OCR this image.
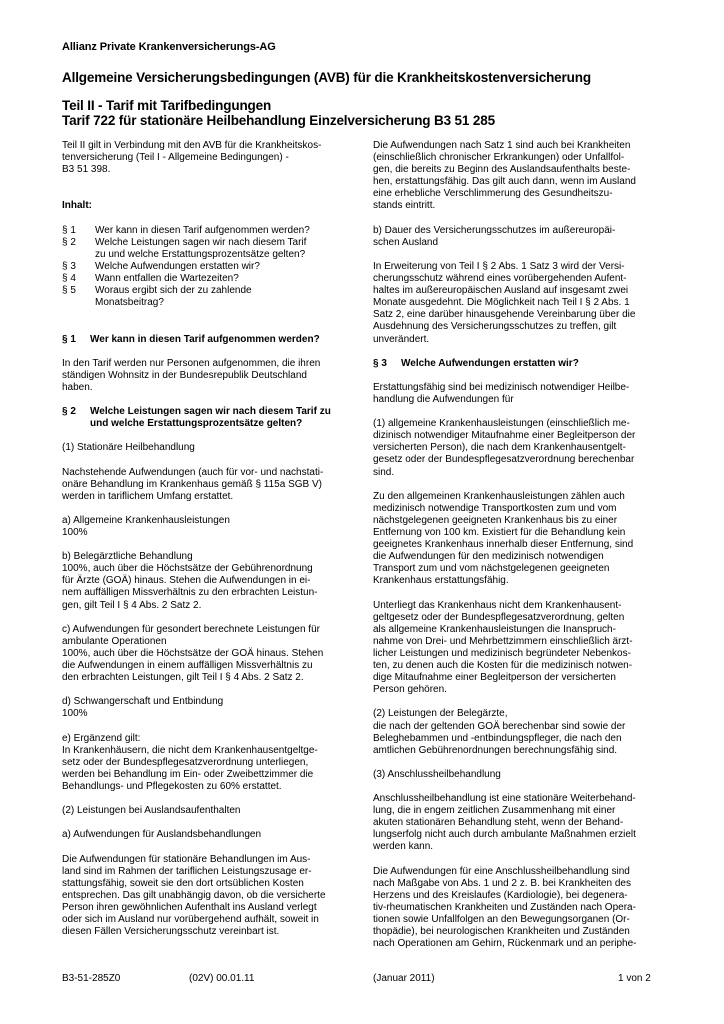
Allianz Private Krankenversicherungs-AG
Allgemeine Versicherungsbedingungen (AVB) für die Krankheitskostenversicherung
Teil II - Tarif mit Tarifbedingungen
Tarif 722 für stationäre Heilbehandlung Einzelversicherung B3 51 285
Teil II gilt in Verbindung mit den AVB für die Krankheitskos-
tenversicherung (Teil I - Allgemeine Bedingungen) -
B3 51 398.
Inhalt:
§ 1 Wer kann in diesen Tarif aufgenommen werden?
§ 2 Welche Leistungen sagen wir nach diesem Tarif
zu und welche Erstattungsprozentsätze gelten?
§ 3 Welche Aufwendungen erstatten wir?
§ 4 Wann entfallen die Wartezeiten?
§ 5 Woraus ergibt sich der zu zahlende
Monatsbeitrag?
§ 1 Wer kann in diesen Tarif aufgenommen werden?
In den Tarif werden nur Personen aufgenommen, die ihren
ständigen Wohnsitz in der Bundesrepublik Deutschland
haben.
§ 2 Welche Leistungen sagen wir nach diesem Tarif zu
und welche Erstattungsprozentsätze gelten?
(1) Stationäre Heilbehandlung
Nachstehende Aufwendungen (auch für vor- und nachstati-
onäre Behandlung im Krankenhaus gemäß § 115a SGB V)
werden in tariflichem Umfang erstattet.
a) Allgemeine Krankenhausleistungen
100%
b) Belegärztliche Behandlung
100%, auch über die Höchstsätze der Gebührenordnung
für Ärzte (GOÄ) hinaus. Stehen die Aufwendungen in ei-
nem auffälligen Missverhältnis zu den erbrachten Leistun-
gen, gilt Teil I § 4 Abs. 2 Satz 2.
c) Aufwendungen für gesondert berechnete Leistungen für
ambulante Operationen
100%, auch über die Höchstsätze der GOÄ hinaus. Stehen
die Aufwendungen in einem auffälligen Missverhältnis zu
den erbrachten Leistungen, gilt Teil I § 4 Abs. 2 Satz 2.
d) Schwangerschaft und Entbindung
100%
e) Ergänzend gilt:
In Krankenhäusern, die nicht dem Krankenhausentgeltge-
setz oder der Bundespflegesatzverordnung unterliegen,
werden bei Behandlung im Ein- oder Zweibettzimmer die
Behandlungs- und Pflegekosten zu 60% erstattet.
(2) Leistungen bei Auslandsaufenthalten
a) Aufwendungen für Auslandsbehandlungen
Die Aufwendungen für stationäre Behandlungen im Aus-
land sind im Rahmen der tariflichen Leistungszusage er-
stattungsfähig, soweit sie den dort ortsüblichen Kosten
entsprechen. Das gilt unabhängig davon, ob die versicherte
Person ihren gewöhnlichen Aufenthalt ins Ausland verlegt
oder sich im Ausland nur vorübergehend aufhält, soweit in
diesen Fällen Versicherungsschutz vereinbart ist.
Die Aufwendungen nach Satz 1 sind auch bei Krankheiten
(einschließlich chronischer Erkrankungen) oder Unfallfol-
gen, die bereits zu Beginn des Auslandsaufenthalts beste-
hen, erstattungsfähig. Das gilt auch dann, wenn im Ausland
eine erhebliche Verschlimmerung des Gesundheitszu-
stands eintritt.
b) Dauer des Versicherungsschutzes im außereuropäi-
schen Ausland
In Erweiterung von Teil I § 2 Abs. 1 Satz 3 wird der Versi-
cherungsschutz während eines vorübergehenden Aufent-
haltes im außereuropäischen Ausland auf insgesamt zwei
Monate ausgedehnt. Die Möglichkeit nach Teil I § 2 Abs. 1
Satz 2, eine darüber hinausgehende Vereinbarung über die
Ausdehnung des Versicherungsschutzes zu treffen, gilt
unverändert.
§ 3 Welche Aufwendungen erstatten wir?
Erstattungsfähig sind bei medizinisch notwendiger Heilbe-
handlung die Aufwendungen für
(1) allgemeine Krankenhausleistungen (einschließlich me-
dizinisch notwendiger Mitaufnahme einer Begleitperson der
versicherten Person), die nach dem Krankenhausentgelt-
gesetz oder der Bundespflegesatzverordnung berechenbar
sind.
Zu den allgemeinen Krankenhausleistungen zählen auch
medizinisch notwendige Transportkosten zum und vom
nächstgelegenen geeigneten Krankenhaus bis zu einer
Entfernung von 100 km. Existiert für die Behandlung kein
geeignetes Krankenhaus innerhalb dieser Entfernung, sind
die Aufwendungen für den medizinisch notwendigen
Transport zum und vom nächstgelegenen geeigneten
Krankenhaus erstattungsfähig.
Unterliegt das Krankenhaus nicht dem Krankenhausent-
geltgesetz oder der Bundespflegesatzverordnung, gelten
als allgemeine Krankenhausleistungen die Inanspruch-
nahme von Drei- und Mehrbettzimmern einschließlich ärzt-
licher Leistungen und medizinisch begründeter Nebenkos-
ten, zu denen auch die Kosten für die medizinisch notwen-
dige Mitaufnahme einer Begleitperson der versicherten
Person gehören.
(2) Leistungen der Belegärzte,
die nach der geltenden GOÄ berechenbar sind sowie der
Beleghebammen und -entbindungspfleger, die nach den
amtlichen Gebührenordnungen berechnungsfähig sind.
(3) Anschlussheilbehandlung
Anschlussheilbehandlung ist eine stationäre Weiterbehand-
lung, die in engem zeitlichen Zusammenhang mit einer
akuten stationären Behandlung steht, wenn der Behand-
lungserfolg nicht auch durch ambulante Maßnahmen erzielt
werden kann.
Die Aufwendungen für eine Anschlussheilbehandlung sind
nach Maßgabe von Abs. 1 und 2 z. B. bei Krankheiten des
Herzens und des Kreislaufes (Kardiologie), bei degenera-
tiv-rheumatischen Krankheiten und Zuständen nach Opera-
tionen sowie Unfallfolgen an den Bewegungsorganen (Or-
thopädie), bei neurologischen Krankheiten und Zuständen
nach Operationen am Gehirn, Rückenmark und an periphe-
B3-51-285Z0	(02V) 00.01.11	(Januar 2011)	1 von 2
